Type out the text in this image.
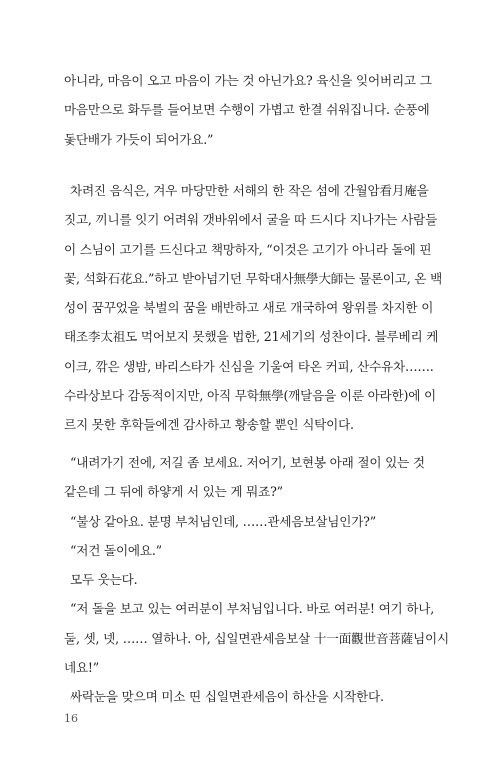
아니라, 마음이 오고 마음이 가는 것 아닌가요? 육신을 잊어버리고 그
마음만으로 화두를 들어보면 수행이 가볍고 한결 쉬워집니다. 순풍에
돛단배가 가듯이 되어가요.”

차려진 음식은, 겨우 마당만한 서해의 한 작은 섬에 간월암看月庵을
짓고, 끼니를 잇기 어려워 갯바위에서 굴을 따 드시다 지나가는 사람들
이 스님이 고기를 드신다고 책망하자, “이것은 고기가 아니라 돌에 핀
꽃, 석화石花요.”하고 받아넘기던 무학대사無學大師는 물론이고, 온 백
성이 꿈꾸었을 북벌의 꿈을 배반하고 새로 개국하여 왕위를 차지한 이
태조李太祖도 먹어보지 못했을 법한, 21세기의 성찬이다. 블루베리 케
이크, 깎은 생밤, 바리스타가 신심을 기울여 타온 커피, 산수유차…….
수라상보다 감동적이지만, 아직 무학無學(깨달음을 이룬 아라한)에 이
르지 못한 후학들에겐 감사하고 황송할 뿐인 식탁이다.

“내려가기 전에, 저길 좀 보세요. 저어기, 보현봉 아래 절이 있는 것
같은데 그 뒤에 하얗게 서 있는 게 뭐죠?”
“불상 같아요. 분명 부처님인데, ……관세음보살님인가?”
“저건 돌이에요.”
모두 웃는다.
“저 돌을 보고 있는 여러분이 부처님입니다. 바로 여러분! 여기 하나,
둘, 셋, 넷, …… 열하나. 아, 십일면관세음보살 十一面觀世音菩薩님이시
네요!”
싸락눈을 맞으며 미소 띤 십일면관세음이 하산을 시작한다.
16
